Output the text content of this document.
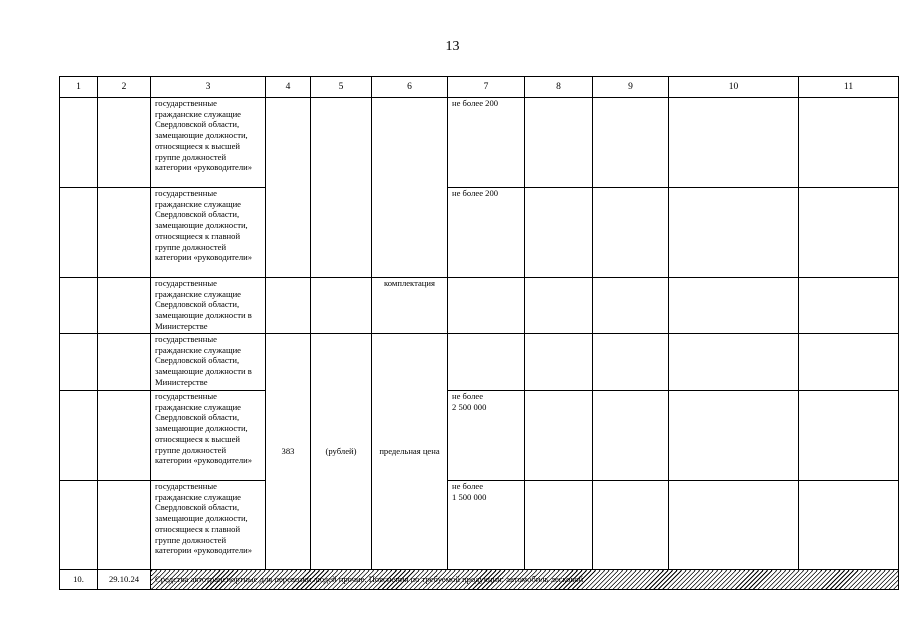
13
1	2	3	4	5	6	7	8	9	10	11
		государственные гражданские служащие Свердловской области, замещающие должности, относящиеся к высшей группе должностей категории «руководители»				не более 200				
		государственные гражданские служащие Свердловской области, замещающие должности, относящиеся к главной группе должностей категории «руководители»				не более 200				
		государственные гражданские служащие Свердловской области, замещающие должности в Министерстве			комплектация					
		государственные гражданские служащие Свердловской области, замещающие должности в Министерстве	383	(рублей)	предельная цена					
		государственные гражданские служащие Свердловской области, замещающие должности, относящиеся к высшей группе должностей категории «руководители»				не более
2 500 000				
		государственные гражданские служащие Свердловской области, замещающие должности, относящиеся к главной группе должностей категории «руководители»				не более
1 500 000				
10.	29.10.24	Средства автотранспортные для перевозки людей прочие. Пояснения по требуемой продукции: автомобиль легковой								
